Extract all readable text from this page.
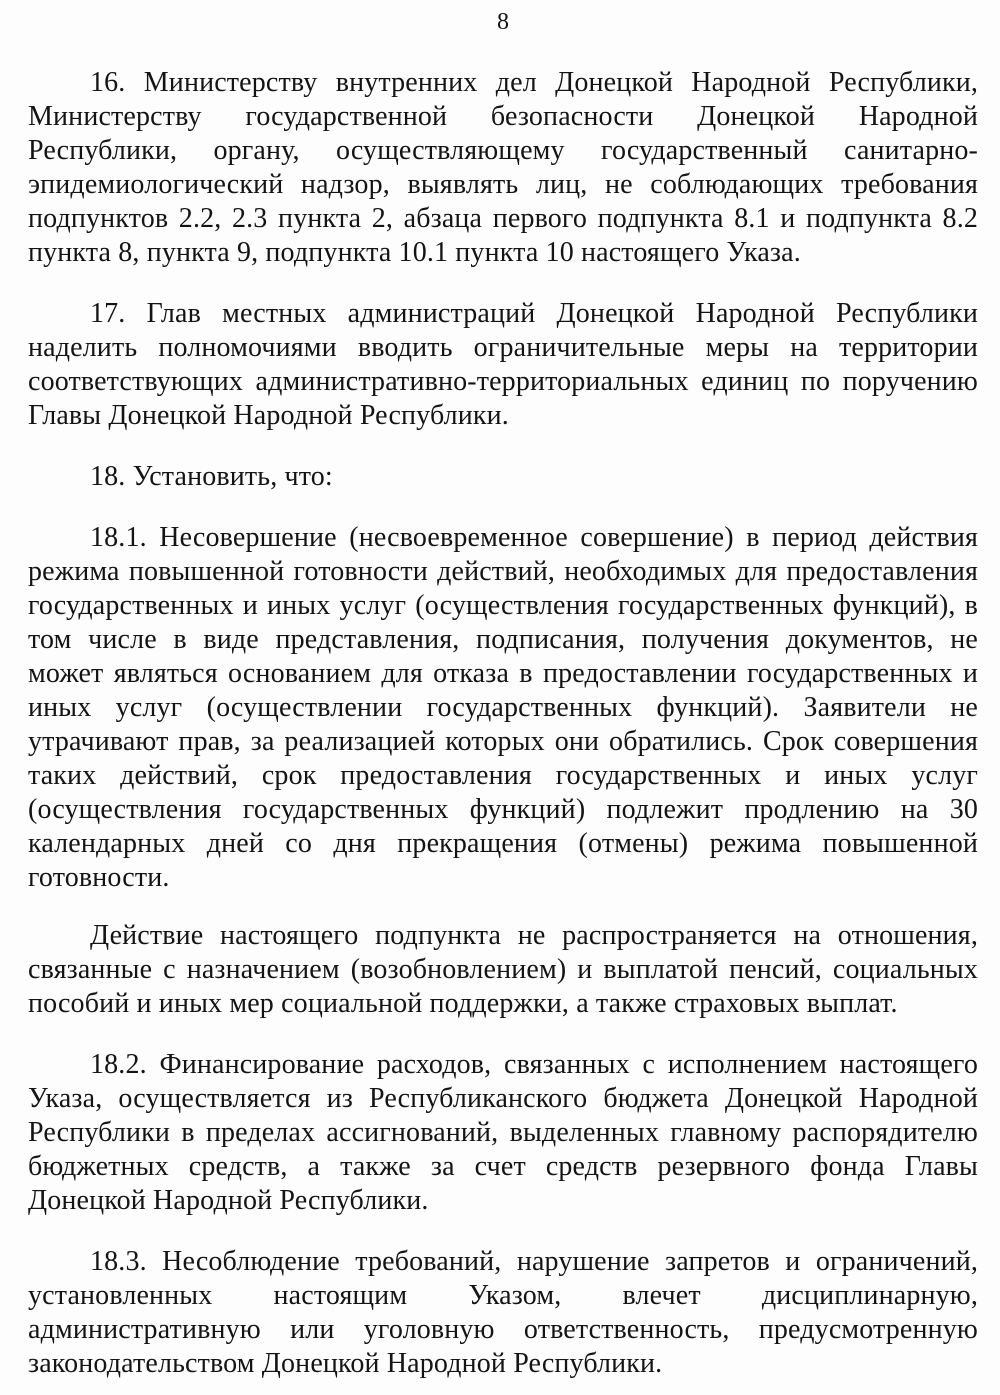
8

16. Министерству внутренних дел Донецкой Народной Республики, Министерству государственной безопасности Донецкой Народной Республики, органу, осуществляющему государственный санитарно-эпидемиологический надзор, выявлять лиц, не соблюдающих требования подпунктов 2.2, 2.3 пункта 2, абзаца первого подпункта 8.1 и подпункта 8.2 пункта 8, пункта 9, подпункта 10.1 пункта 10 настоящего Указа.

17. Глав местных администраций Донецкой Народной Республики наделить полномочиями вводить ограничительные меры на территории соответствующих административно-территориальных единиц по поручению Главы Донецкой Народной Республики.

18. Установить, что:

18.1. Несовершение (несвоевременное совершение) в период действия режима повышенной готовности действий, необходимых для предоставления государственных и иных услуг (осуществления государственных функций), в том числе в виде представления, подписания, получения документов, не может являться основанием для отказа в предоставлении государственных и иных услуг (осуществлении государственных функций). Заявители не утрачивают прав, за реализацией которых они обратились. Срок совершения таких действий, срок предоставления государственных и иных услуг (осуществления государственных функций) подлежит продлению на 30 календарных дней со дня прекращения (отмены) режима повышенной готовности.

Действие настоящего подпункта не распространяется на отношения, связанные с назначением (возобновлением) и выплатой пенсий, социальных пособий и иных мер социальной поддержки, а также страховых выплат.

18.2. Финансирование расходов, связанных с исполнением настоящего Указа, осуществляется из Республиканского бюджета Донецкой Народной Республики в пределах ассигнований, выделенных главному распорядителю бюджетных средств, а также за счет средств резервного фонда Главы Донецкой Народной Республики.

18.3. Несоблюдение требований, нарушение запретов и ограничений, установленных настоящим Указом, влечет дисциплинарную, административную или уголовную ответственность, предусмотренную законодательством Донецкой Народной Республики.
